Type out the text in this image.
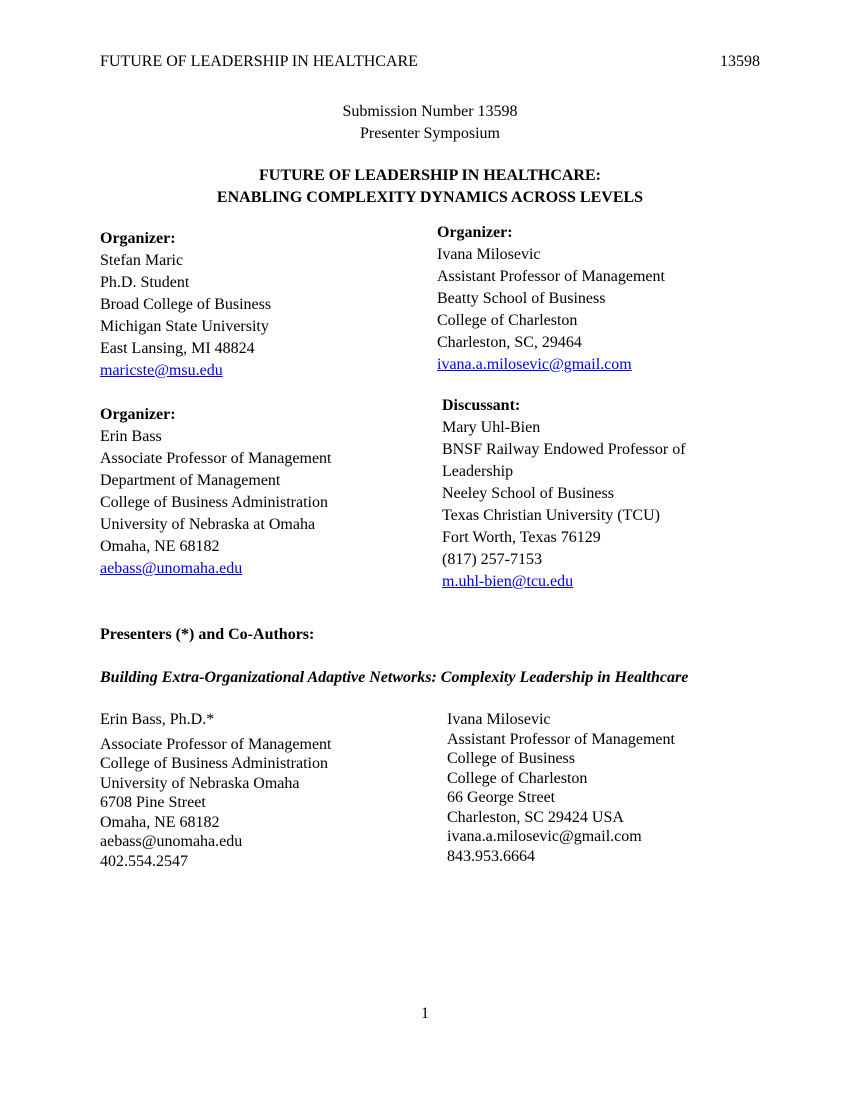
FUTURE OF LEADERSHIP IN HEALTHCARE	13598
Submission Number 13598
Presenter Symposium
FUTURE OF LEADERSHIP IN HEALTHCARE:
ENABLING COMPLEXITY DYNAMICS ACROSS LEVELS
Organizer:
Stefan Maric
Ph.D. Student
Broad College of Business
Michigan State University
East Lansing, MI 48824
maricste@msu.edu
Organizer:
Erin Bass
Associate Professor of Management
Department of Management
College of Business Administration
University of Nebraska at Omaha
Omaha, NE 68182
aebass@unomaha.edu
Organizer:
Ivana Milosevic
Assistant Professor of Management
Beatty School of Business
College of Charleston
Charleston, SC, 29464
ivana.a.milosevic@gmail.com
Discussant:
Mary Uhl-Bien
BNSF Railway Endowed Professor of
Leadership
Neeley School of Business
Texas Christian University (TCU)
Fort Worth, Texas 76129
(817) 257-7153
m.uhl-bien@tcu.edu
Presenters (*) and Co-Authors:
Building Extra-Organizational Adaptive Networks: Complexity Leadership in Healthcare
Erin Bass, Ph.D.*
Associate Professor of Management
College of Business Administration
University of Nebraska Omaha
6708 Pine Street
Omaha, NE 68182
aebass@unomaha.edu
402.554.2547
Ivana Milosevic
Assistant Professor of Management
College of Business
College of Charleston
66 George Street
Charleston, SC 29424 USA
ivana.a.milosevic@gmail.com
843.953.6664
1
